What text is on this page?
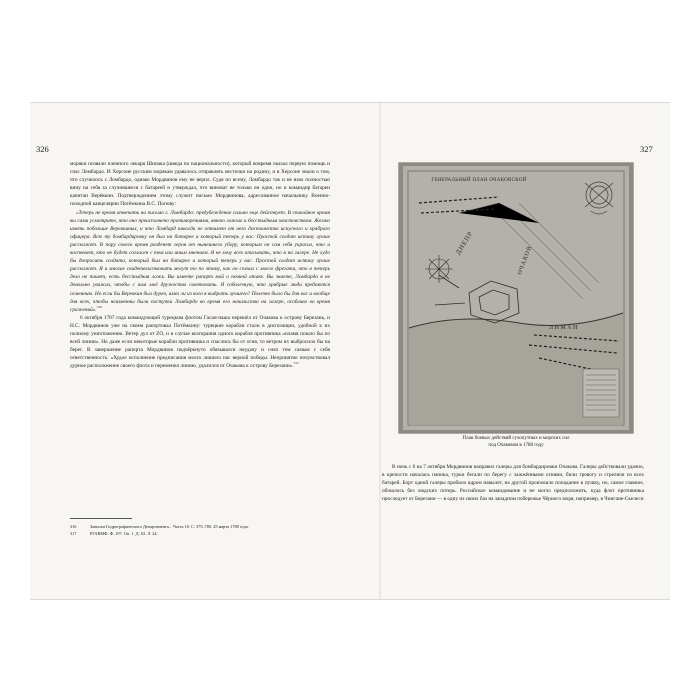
326	327

моряки позвали пленного лекаря Шипака (шведа по национальности), который вовремя оказал первую помощь и спас Ломбардо. И Херсоне русским морякам удавалось отправлять весточки на родину, и в Херсоне знали о том, что случилось с Ломбардо, однако Мордвинов ему не верил. Судя по всему, Ломбардо так и не взял полностью вину на себя за случившееся с батареей и утверждал, что виноват не только он один, но и командир батареи капитан Верёвкин. Подтверждением этому служит письмо Мордвинова, адресованное начальнику Военно-походной канцелярии Потёмкина В.С. Попову:

«Теперь не время отвечать на письмо г. Ломбардо: предубеждение сильно еще действует. В спокойное время вы сами усмотрите, что оно преисполнено противоречиями, явною ложью и бесстыдным хвастовством. Желаю иметь побольше Веревкиных, и что Ломбард никогда не отнимет от него достоинства искусного и храброго офицера. Всю ту бомбардировку он был на батарее и который теперь у вас. Простой солдат истину лучше расскажет. В пору своего время разденет героя от нынешнего убору, которым он сам себя украсил, что и воспевает, кто не будет согласен с тем или иным мнением. Я не хочу всех описывать, что я на галере. Не худо бы допросить солдата, который был на батарее и который теперь у вас. Простой солдат истину лучше расскажет. Я и многие свидетельствовать могут то по этому, как он съехал с моего фрегата, что я теперь дело не пишет, есть бесстыдная ложь. Вы имеете рапорт мой о ночной атаке. Вы знаете, Ломбарда я не довольно уважал, чтобы с ним моё дружество советовать. Я соболезную, что храбрые люди предаются осмеянию. Но если бы Веревкин был дурен, имел ли из кого я выбрать лучшего? Полезно было бы для вас и вообще для всех, чтобы неизменны были поступки Ломбардо во время его начальства на галере, особливо во время сражений».$^{316}$

6 октября 1787 года командующий турецким флотом Гасан-паша перешёл от Очакова к острову Березань, и Н.С. Мордвинов уже на своем рапортовал Потёмкину: турецкие корабли стали в диспозиции, удобной к их полному уничтожению. Ветер дул от ZO, и в случае возгорания одного корабля противника «пламя пошло бы по всей линии». Но даже если некоторые корабли противника и спаслись бы от огня, то ветром их выбросило бы на берег. В завершение рапорта Мордвинов подчёркнуто обязывался неудачу и снял тем самым с себя ответственность: «Худое исполнение предписания моего лишило нас верной победы. Непринятие почувствовал дурное расположение своего флота и переменил линию, удалился от Очакова к острову Березани».$^{317}$

316	Записки Гидрографического Департамента... Часть 10. С. 379–780. 25 марта 1788 года.
317	РГАВМФ. Ф. 197. Оп. 1. Д. 63. Л. 24.
ГЕНЕРАЛЬНЫЙ ПЛАН ОЧАКОВСКОЙ
ДНЕПР
ОЧАКОВ
ЛИМАН
План боевых действий сухопутных и морских сил
под Очаковом в 1788 году

В ночь с 6 на 7 октября Мордвинов направил галеры для бомбардировки Очакова. Галеры действовали удачно, в крепости началась паника, турки бегали по берегу с зажжёнными огнями, били тревогу и стреляли из всех батарей. Борт одной галеры пробило ядром навылет, на другой произошло попадание в пушку, но, самое главное, обошлось без людских потерь. Российское командование и не могло предположить, куда флот противника проследует от Березани — в одну из своих баз на западном побережье Чёрного моря, например, в Чингане-Скелеси
